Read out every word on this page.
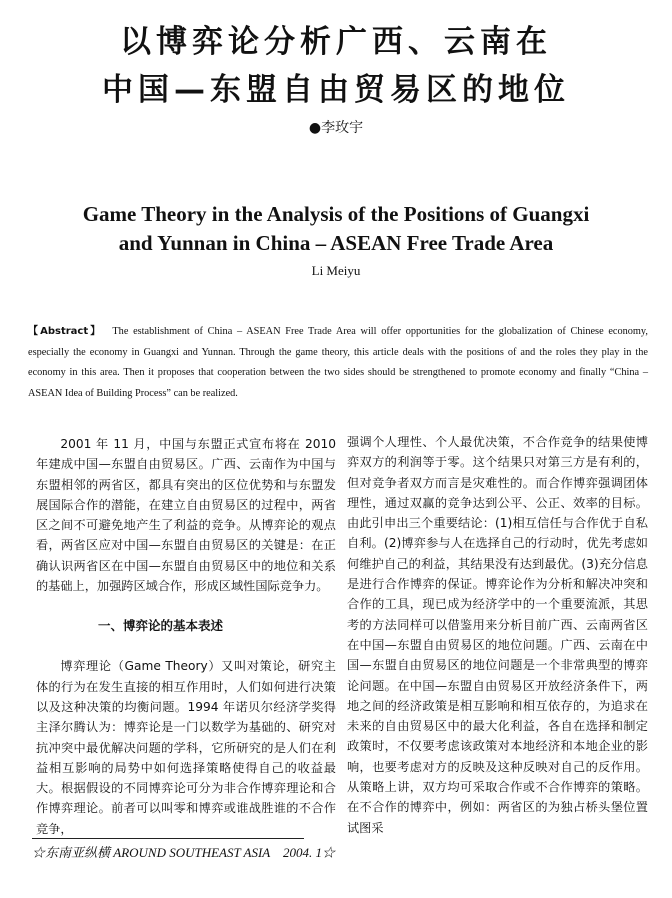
以博弈论分析广西、云南在
中国—东盟自由贸易区的地位
●李玫宇
Game Theory in the Analysis of the Positions of Guangxi
and Yunnan in China – ASEAN Free Trade Area
Li Meiyu

【Abstract】 The establishment of China – ASEAN Free Trade Area will offer opportunities for the globalization of Chinese economy, especially the economy in Guangxi and Yunnan. Through the game theory, this article deals with the positions of and the roles they play in the economy in this area. Then it proposes that cooperation between the two sides should be strengthened to promote economy and finally “China – ASEAN Idea of Building Process” can be realized.

2001 年 11 月，中国与东盟正式宣布将在 2010 年建成中国—东盟自由贸易区。广西、云南作为中国与东盟相邻的两省区，都具有突出的区位优势和与东盟发展国际合作的潜能，在建立自由贸易区的过程中，两省区之间不可避免地产生了利益的竞争。从博弈论的观点看，两省区应对中国—东盟自由贸易区的关键是：在正确认识两省区在中国—东盟自由贸易区中的地位和关系的基础上，加强跨区域合作，形成区域性国际竞争力。

一、博弈论的基本表述

博弈理论（Game Theory）又叫对策论，研究主体的行为在发生直接的相互作用时，人们如何进行决策以及这种决策的均衡问题。1994 年诺贝尔经济学奖得主泽尔腾认为：博弈论是一门以数学为基础的、研究对抗冲突中最优解决问题的学科，它所研究的是人们在利益相互影响的局势中如何选择策略使得自己的收益最大。根据假设的不同博弈论可分为非合作博弈理论和合作博弈理论。前者可以叫零和博弈或谁战胜谁的不合作竞争，

强调个人理性、个人最优决策，不合作竞争的结果使博弈双方的利润等于零。这个结果只对第三方是有利的，但对竞争者双方而言是灾难性的。而合作博弈强调团体理性，通过双赢的竞争达到公平、公正、效率的目标。由此引申出三个重要结论：(1)相互信任与合作优于自私自利。(2)博弈参与人在选择自己的行动时，优先考虑如何维护自己的利益，其结果没有达到最优。(3)充分信息是进行合作博弈的保证。博弈论作为分析和解决冲突和合作的工具，现已成为经济学中的一个重要流派，其思考的方法同样可以借鉴用来分析目前广西、云南两省区在中国—东盟自由贸易区的地位问题。广西、云南在中国—东盟自由贸易区的地位问题是一个非常典型的博弈论问题。在中国—东盟自由贸易区开放经济条件下，两地之间的经济政策是相互影响和相互依存的，为追求在未来的自由贸易区中的最大化利益，各自在选择和制定政策时，不仅要考虑该政策对本地经济和本地企业的影响，也要考虑对方的反映及这种反映对自己的反作用。从策略上讲，双方均可采取合作或不合作博弈的策略。在不合作的博弈中，例如：两省区的为独占桥头堡位置试图采

☆东南亚纵横 AROUND SOUTHEAST ASIA　2004. 1☆
